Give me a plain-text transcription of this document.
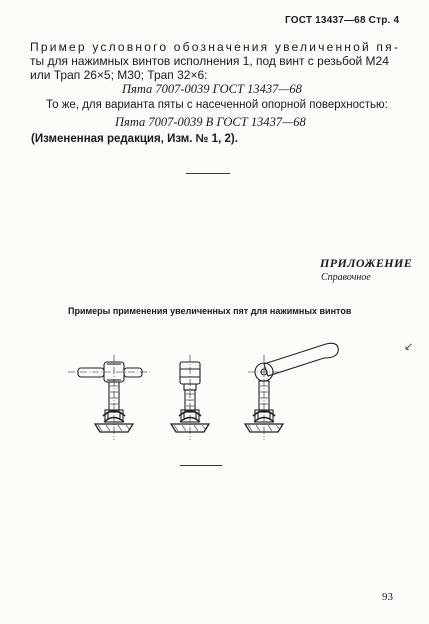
ГОСТ 13437—68 Стр. 4
Пример условного обозначения увеличенной пя-
ты для нажимных винтов исполнения 1, под винт с резьбой М24
или Трап 26×5; М30; Трап 32×6:
Пята 7007-0039 ГОСТ 13437—68
То же, для варианта пяты с насеченной опорной поверхностью:
Пята 7007-0039 В ГОСТ 13437—68
(Измененная редакция, Изм. № 1, 2).
ПРИЛОЖЕНИЕ
Справочное
Примеры применения увеличенных пят для нажимных винтов
↙
93
